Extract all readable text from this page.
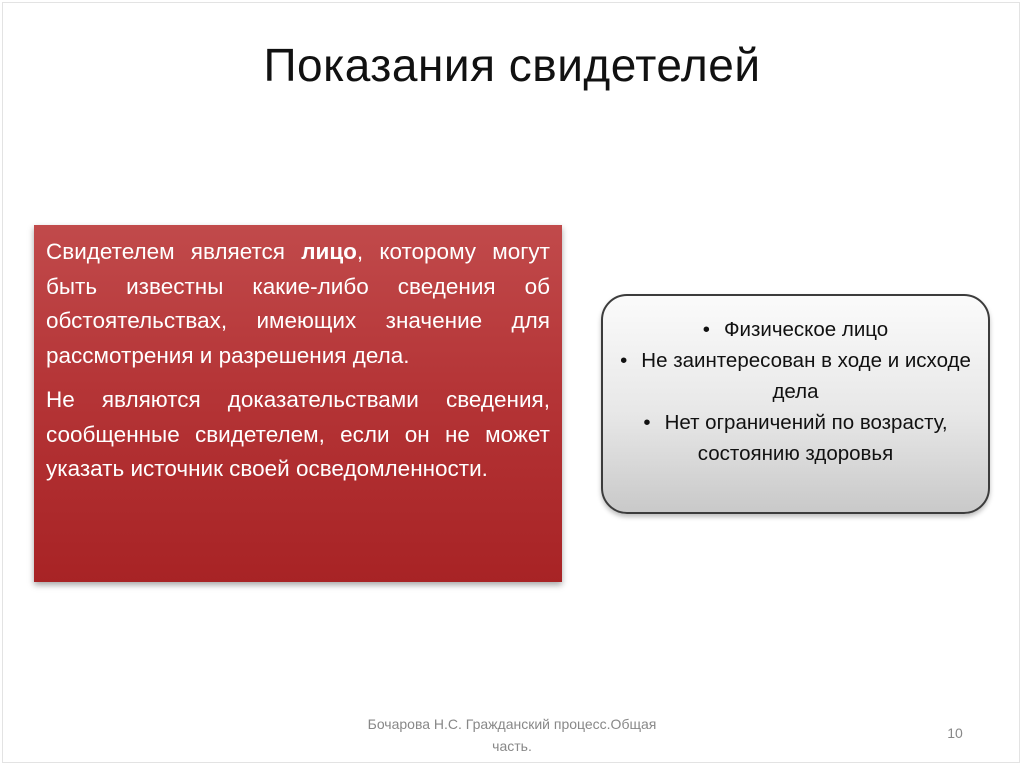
Показания свидетелей

Свидетелем является лицо, которому могут быть известны какие-либо сведения об обстоятельствах, имеющих значение для рассмотрения и разрешения дела.

Не являются доказательствами сведения, сообщенные свидетелем, если он не может указать источник своей осведомленности.

• Физическое лицо
• Не заинтересован в ходе и исходе дела
• Нет ограничений по возрасту, состоянию здоровья
Бочарова Н.С. Гражданский процесс.Общая часть.
10
